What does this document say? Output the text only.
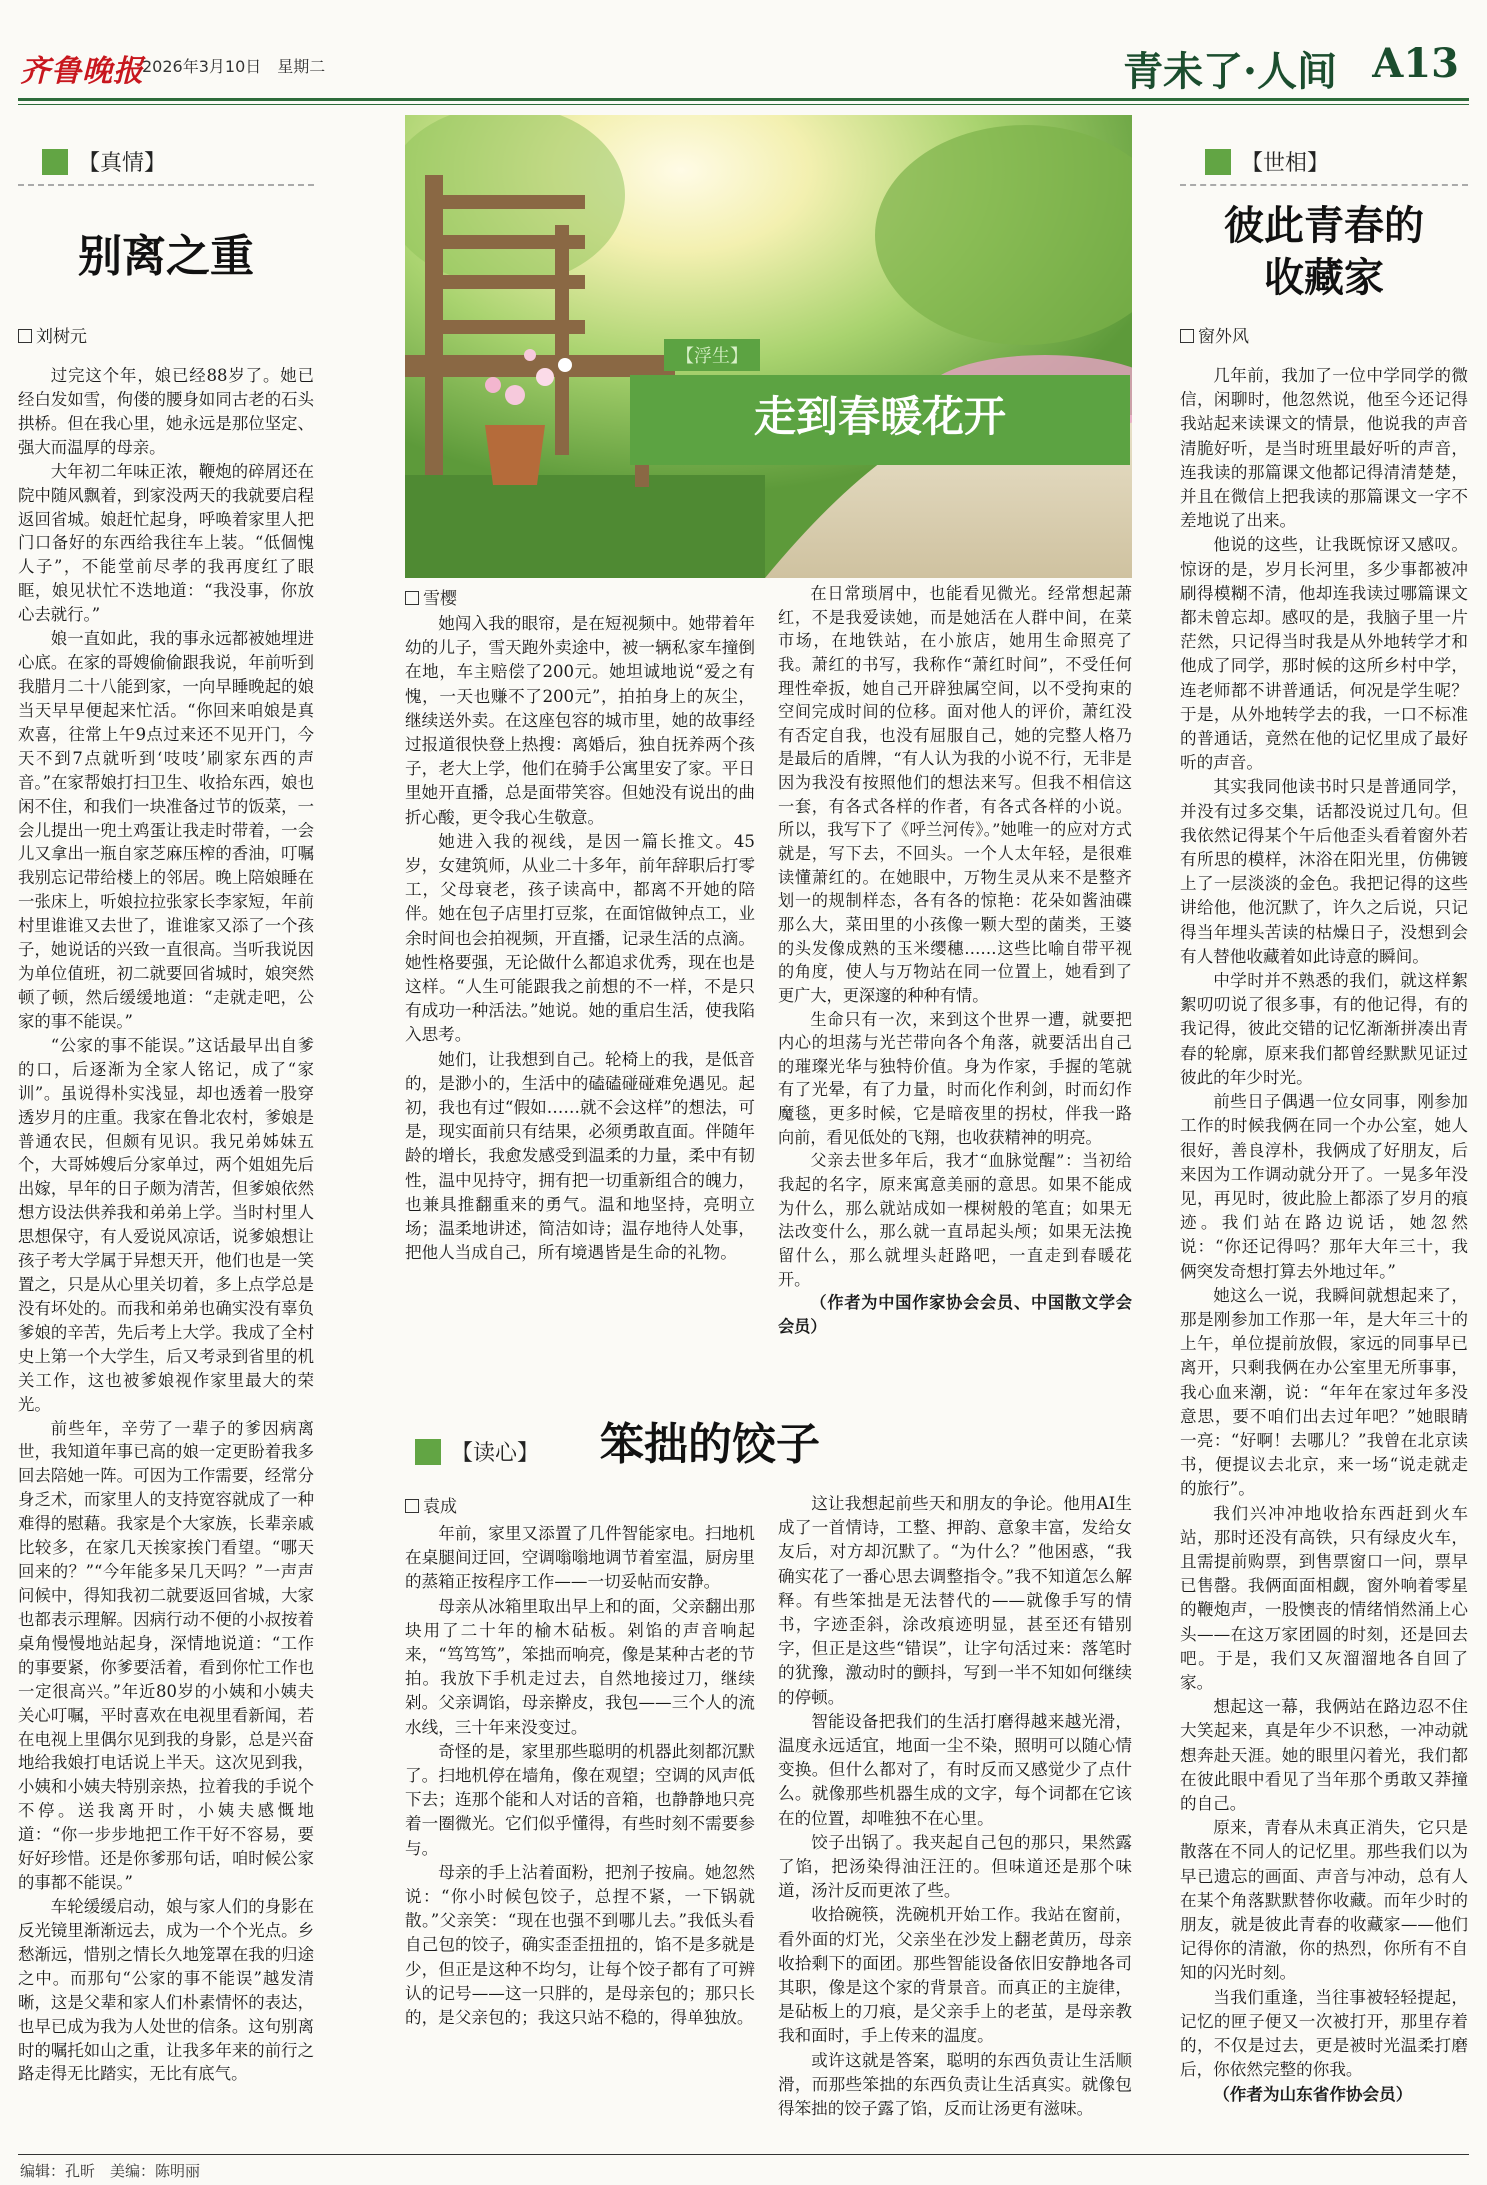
齐鲁晚报
2026年3月10日　星期二	青未了·人间 A13
【真情】
别离之重
刘树元

过完这个年，娘已经88岁了。她已经白发如雪，佝偻的腰身如同古老的石头拱桥。但在我心里，她永远是那位坚定、强大而温厚的母亲。

大年初二年味正浓，鞭炮的碎屑还在院中随风飘着，到家没两天的我就要启程返回省城。娘赶忙起身，呼唤着家里人把门口备好的东西给我往车上装。“低個愧人子”，不能堂前尽孝的我再度红了眼眶，娘见状忙不迭地道：“我没事，你放心去就行。”

娘一直如此，我的事永远都被她埋进心底。在家的哥嫂偷偷跟我说，年前听到我腊月二十八能到家，一向早睡晚起的娘当天早早便起来忙活。“你回来咱娘是真欢喜，往常上午9点过来还不见开门，今天不到7点就听到‘吱吱’刷家东西的声音。”在家帮娘打扫卫生、收拾东西，娘也闲不住，和我们一块准备过节的饭菜，一会儿提出一兜土鸡蛋让我走时带着，一会儿又拿出一瓶自家芝麻压榨的香油，叮嘱我别忘记带给楼上的邻居。晚上陪娘睡在一张床上，听娘拉拉张家长李家短，年前村里谁谁又去世了，谁谁家又添了一个孩子，她说话的兴致一直很高。当听我说因为单位值班，初二就要回省城时，娘突然顿了顿，然后缓缓地道：“走就走吧，公家的事不能误。”

“公家的事不能误。”这话最早出自爹的口，后逐渐为全家人铭记，成了“家训”。虽说得朴实浅显，却也透着一股穿透岁月的庄重。我家在鲁北农村，爹娘是普通农民，但颇有见识。我兄弟姊妹五个，大哥姊嫂后分家单过，两个姐姐先后出嫁，早年的日子颇为清苦，但爹娘依然想方设法供养我和弟弟上学。当时村里人思想保守，有人爱说风凉话，说爹娘想让孩子考大学属于异想天开，他们也是一笑置之，只是从心里关切着，多上点学总是没有坏处的。而我和弟弟也确实没有辜负爹娘的辛苦，先后考上大学。我成了全村史上第一个大学生，后又考录到省里的机关工作，这也被爹娘视作家里最大的荣光。

前些年，辛劳了一辈子的爹因病离世，我知道年事已高的娘一定更盼着我多回去陪她一阵。可因为工作需要，经常分身乏术，而家里人的支持宽容就成了一种难得的慰藉。我家是个大家族，长辈亲戚比较多，在家几天挨家挨门看望。“哪天回来的？”“今年能多呆几天吗？”一声声问候中，得知我初二就要返回省城，大家也都表示理解。因病行动不便的小叔按着桌角慢慢地站起身，深情地说道：“工作的事要紧，你爹要活着，看到你忙工作也一定很高兴。”年近80岁的小姨和小姨夫关心叮嘱，平时喜欢在电视里看新闻，若在电视上里偶尔见到我的身影，总是兴奋地给我娘打电话说上半天。这次见到我，小姨和小姨夫特别亲热，拉着我的手说个不停。送我离开时，小姨夫感慨地道：“你一步步地把工作干好不容易，要好好珍惜。还是你爹那句话，咱时候公家的事都不能误。”

车轮缓缓启动，娘与家人们的身影在反光镜里渐渐远去，成为一个个光点。乡愁渐远，惜别之情长久地笼罩在我的归途之中。而那句“公家的事不能误”越发清晰，这是父辈和家人们朴素情怀的表达，也早已成为我为人处世的信条。这句别离时的嘱托如山之重，让我多年来的前行之路走得无比踏实，无比有底气。

【浮生】
走到春暖花开
雪樱

她闯入我的眼帘，是在短视频中。她带着年幼的儿子，雪天跑外卖途中，被一辆私家车撞倒在地，车主赔偿了200元。她坦诚地说“爱之有愧，一天也赚不了200元”，拍拍身上的灰尘，继续送外卖。在这座包容的城市里，她的故事经过报道很快登上热搜：离婚后，独自抚养两个孩子，老大上学，他们在骑手公寓里安了家。平日里她开直播，总是面带笑容。但她没有说出的曲折心酸，更令我心生敬意。

她进入我的视线，是因一篇长推文。45岁，女建筑师，从业二十多年，前年辞职后打零工，父母衰老，孩子读高中，都离不开她的陪伴。她在包子店里打豆浆，在面馆做钟点工，业余时间也会拍视频，开直播，记录生活的点滴。她性格要强，无论做什么都追求优秀，现在也是这样。“人生可能跟我之前想的不一样，不是只有成功一种活法。”她说。她的重启生活，使我陷入思考。

她们，让我想到自己。轮椅上的我，是低音的，是渺小的，生活中的磕磕碰碰难免遇见。起初，我也有过“假如……就不会这样”的想法，可是，现实面前只有结果，必须勇敢直面。伴随年龄的增长，我愈发感受到温柔的力量，柔中有韧性，温中见持守，拥有把一切重新组合的魄力，也兼具推翻重来的勇气。温和地坚持，亮明立场；温柔地讲述，简洁如诗；温存地待人处事，把他人当成自己，所有境遇皆是生命的礼物。

在日常琐屑中，也能看见微光。经常想起萧红，不是我爱读她，而是她活在人群中间，在菜市场，在地铁站，在小旅店，她用生命照亮了我。萧红的书写，我称作“萧红时间”，不受任何理性牵扳，她自己开辟独属空间，以不受拘束的空间完成时间的位移。面对他人的评价，萧红没有否定自我，也没有屈服自己，她的完整人格乃是最后的盾牌，“有人认为我的小说不行，无非是因为我没有按照他们的想法来写。但我不相信这一套，有各式各样的作者，有各式各样的小说。所以，我写下了《呼兰河传》。”她唯一的应对方式就是，写下去，不回头。一个人太年轻，是很难读懂萧红的。在她眼中，万物生灵从来不是整齐划一的规制样态，各有各的惊艳：花朵如酱油碟那么大，菜田里的小孩像一颗大型的菌类，王婆的头发像成熟的玉米缨穗……这些比喻自带平视的角度，使人与万物站在同一位置上，她看到了更广大，更深邃的种种有情。

生命只有一次，来到这个世界一遭，就要把内心的坦荡与光芒带向各个角落，就要活出自己的璀璨光华与独特价值。身为作家，手握的笔就有了光晕，有了力量，时而化作利剑，时而幻作魔毯，更多时候，它是暗夜里的拐杖，伴我一路向前，看见低处的飞翔，也收获精神的明亮。

父亲去世多年后，我才“血脉觉醒”：当初给我起的名字，原来寓意美丽的意思。如果不能成为什么，那么就站成如一棵树般的笔直；如果无法改变什么，那么就一直昂起头颅；如果无法挽留什么，那么就埋头赶路吧，一直走到春暖花开。

（作者为中国作家协会会员、中国散文学会会员）

【读心】 笨拙的饺子
袁成

年前，家里又添置了几件智能家电。扫地机在桌腿间迂回，空调嗡嗡地调节着室温，厨房里的蒸箱正按程序工作——一切妥帖而安静。

母亲从冰箱里取出早上和的面，父亲翻出那块用了二十年的榆木砧板。剁馅的声音响起来，“笃笃笃”，笨拙而响亮，像是某种古老的节拍。我放下手机走过去，自然地接过刀，继续剁。父亲调馅，母亲擀皮，我包——三个人的流水线，三十年来没变过。

奇怪的是，家里那些聪明的机器此刻都沉默了。扫地机停在墙角，像在观望；空调的风声低下去；连那个能和人对话的音箱，也静静地只亮着一圈微光。它们似乎懂得，有些时刻不需要参与。

母亲的手上沾着面粉，把剂子按扁。她忽然说：“你小时候包饺子，总捏不紧，一下锅就散。”父亲笑：“现在也强不到哪儿去。”我低头看自己包的饺子，确实歪歪扭扭的，馅不是多就是少，但正是这种不均匀，让每个饺子都有了可辨认的记号——这一只胖的，是母亲包的；那只长的，是父亲包的；我这只站不稳的，得单独放。

这让我想起前些天和朋友的争论。他用AI生成了一首情诗，工整、押韵、意象丰富，发给女友后，对方却沉默了。“为什么？”他困惑，“我确实花了一番心思去调整指令。”我不知道怎么解释。有些笨拙是无法替代的——就像手写的情书，字迹歪斜，涂改痕迹明显，甚至还有错别字，但正是这些“错误”，让字句活过来：落笔时的犹豫，激动时的颤抖，写到一半不知如何继续的停顿。

智能设备把我们的生活打磨得越来越光滑，温度永远适宜，地面一尘不染，照明可以随心情变换。但什么都对了，有时反而又感觉少了点什么。就像那些机器生成的文字，每个词都在它该在的位置，却唯独不在心里。

饺子出锅了。我夹起自己包的那只，果然露了馅，把汤染得油汪汪的。但味道还是那个味道，汤汁反而更浓了些。

收拾碗筷，洗碗机开始工作。我站在窗前，看外面的灯光，父亲坐在沙发上翻老黄历，母亲收拾剩下的面团。那些智能设备依旧安静地各司其职，像是这个家的背景音。而真正的主旋律，是砧板上的刀痕，是父亲手上的老茧，是母亲教我和面时，手上传来的温度。

或许这就是答案，聪明的东西负责让生活顺滑，而那些笨拙的东西负责让生活真实。就像包得笨拙的饺子露了馅，反而让汤更有滋味。

【世相】
彼此青春的
收藏家
窗外风

几年前，我加了一位中学同学的微信，闲聊时，他忽然说，他至今还记得我站起来读课文的情景，他说我的声音清脆好听，是当时班里最好听的声音，连我读的那篇课文他都记得清清楚楚，并且在微信上把我读的那篇课文一字不差地说了出来。

他说的这些，让我既惊讶又感叹。惊讶的是，岁月长河里，多少事都被冲刷得模糊不清，他却连我读过哪篇课文都未曾忘却。感叹的是，我脑子里一片茫然，只记得当时我是从外地转学才和他成了同学，那时候的这所乡村中学，连老师都不讲普通话，何况是学生呢？于是，从外地转学去的我，一口不标准的普通话，竟然在他的记忆里成了最好听的声音。

其实我同他读书时只是普通同学，并没有过多交集，话都没说过几句。但我依然记得某个午后他歪头看着窗外若有所思的模样，沐浴在阳光里，仿佛镀上了一层淡淡的金色。我把记得的这些讲给他，他沉默了，许久之后说，只记得当年埋头苦读的枯燥日子，没想到会有人替他收藏着如此诗意的瞬间。

中学时并不熟悉的我们，就这样絮絮叨叨说了很多事，有的他记得，有的我记得，彼此交错的记忆渐渐拼凑出青春的轮廓，原来我们都曾经默默见证过彼此的年少时光。

前些日子偶遇一位女同事，刚参加工作的时候我俩在同一个办公室，她人很好，善良淳朴，我俩成了好朋友，后来因为工作调动就分开了。一晃多年没见，再见时，彼此脸上都添了岁月的痕迹。我们站在路边说话，她忽然说：“你还记得吗？那年大年三十，我俩突发奇想打算去外地过年。”

她这么一说，我瞬间就想起来了，那是刚参加工作那一年，是大年三十的上午，单位提前放假，家远的同事早已离开，只剩我俩在办公室里无所事事，我心血来潮，说：“年年在家过年多没意思，要不咱们出去过年吧？”她眼睛一亮：“好啊！去哪儿？”我曾在北京读书，便提议去北京，来一场“说走就走的旅行”。

我们兴冲冲地收拾东西赶到火车站，那时还没有高铁，只有绿皮火车，且需提前购票，到售票窗口一问，票早已售罄。我俩面面相觑，窗外响着零星的鞭炮声，一股懊丧的情绪悄然涌上心头——在这万家团圆的时刻，还是回去吧。于是，我们又灰溜溜地各自回了家。

想起这一幕，我俩站在路边忍不住大笑起来，真是年少不识愁，一冲动就想奔赴天涯。她的眼里闪着光，我们都在彼此眼中看见了当年那个勇敢又莽撞的自己。

原来，青春从未真正消失，它只是散落在不同人的记忆里。那些我们以为早已遗忘的画面、声音与冲动，总有人在某个角落默默替你收藏。而年少时的朋友，就是彼此青春的收藏家——他们记得你的清澈，你的热烈，你所有不自知的闪光时刻。

当我们重逢，当往事被轻轻提起，记忆的匣子便又一次被打开，那里存着的，不仅是过去，更是被时光温柔打磨后，你依然完整的你我。

（作者为山东省作协会员）

编辑：孔昕　美编：陈明丽
